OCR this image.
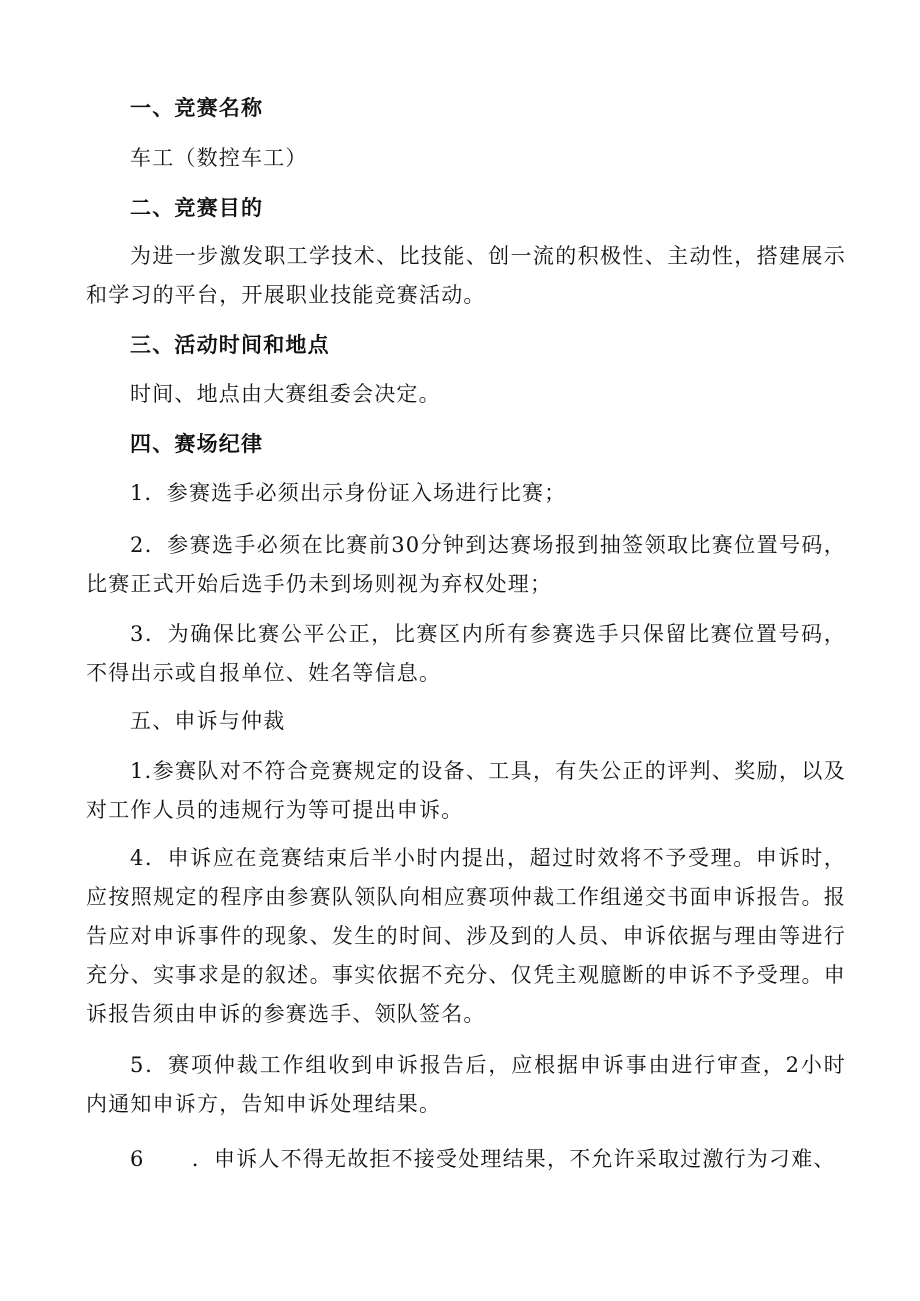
一、竞赛名称

车工（数控车工）

二、竞赛目的

为进一步激发职工学技术、比技能、创一流的积极性、主动性，搭建展示和学习的平台，开展职业技能竞赛活动。

三、活动时间和地点

时间、地点由大赛组委会决定。

四、赛场纪律

1．参赛选手必须出示身份证入场进行比赛；

2．参赛选手必须在比赛前30分钟到达赛场报到抽签领取比赛位置号码，比赛正式开始后选手仍未到场则视为弃权处理；

3．为确保比赛公平公正，比赛区内所有参赛选手只保留比赛位置号码，不得出示或自报单位、姓名等信息。

五、申诉与仲裁

1.参赛队对不符合竞赛规定的设备、工具，有失公正的评判、奖励，以及对工作人员的违规行为等可提出申诉。

4．申诉应在竞赛结束后半小时内提出，超过时效将不予受理。申诉时，应按照规定的程序由参赛队领队向相应赛项仲裁工作组递交书面申诉报告。报告应对申诉事件的现象、发生的时间、涉及到的人员、申诉依据与理由等进行充分、实事求是的叙述。事实依据不充分、仅凭主观臆断的申诉不予受理。申诉报告须由申诉的参赛选手、领队签名。

5．赛项仲裁工作组收到申诉报告后，应根据申诉事由进行审查，2小时内通知申诉方，告知申诉处理结果。

6      ．申诉人不得无故拒不接受处理结果，不允许采取过激行为刁难、
